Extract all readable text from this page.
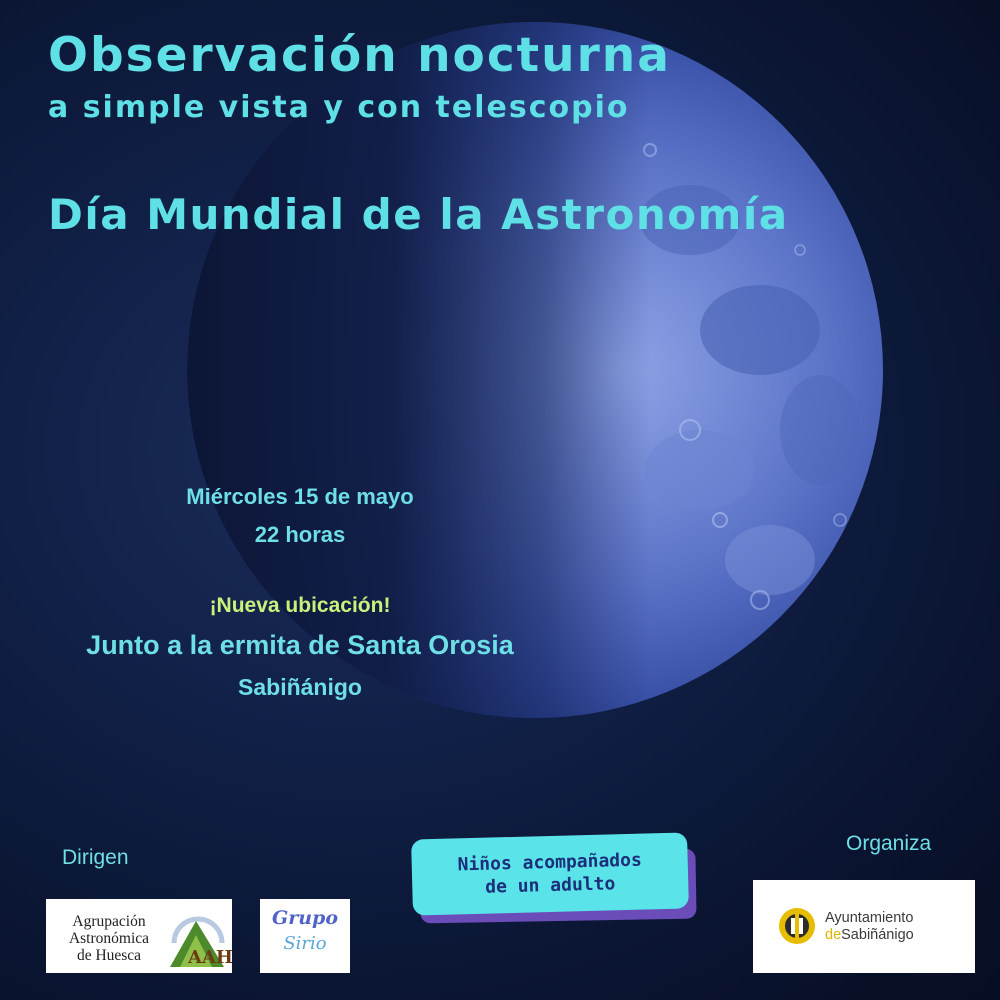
Observación nocturna
a simple vista y con telescopio
Día Mundial de la Astronomía
Miércoles 15 de mayo
22 horas
¡Nueva ubicación!
Junto a la ermita de Santa Orosia
Sabiñánigo
Dirigen
Organiza
Niños acompañados
de un adulto
Agrupación
Astronómica
de Huesca	AAH
Grupo
Sirio
Ayuntamiento
deSabiñánigo
